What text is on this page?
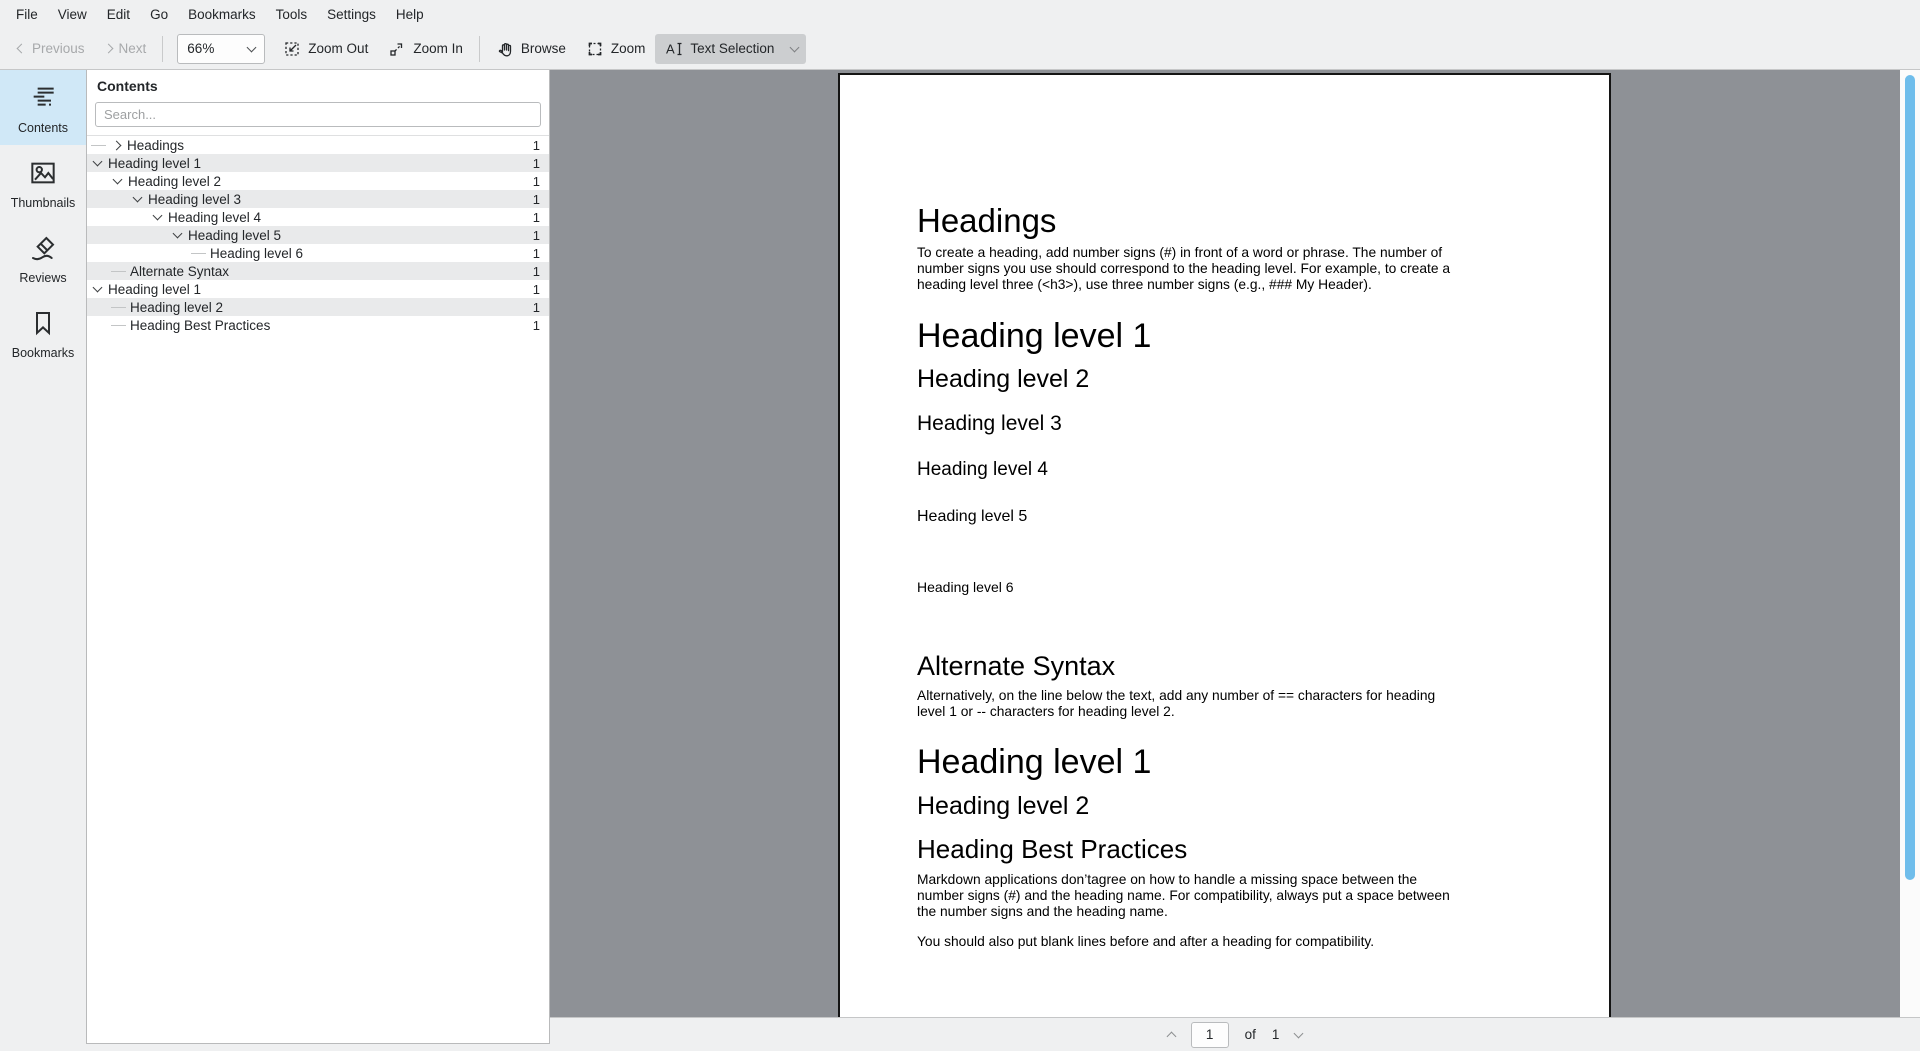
File	View	Edit	Go	Bookmarks	Tools	Settings	Help
Previous	Next	66%	Zoom Out	Zoom In	Browse	Zoom A Text Selection
Contents
Thumbnails
Reviews
Bookmarks
Contents
Search...
Headings	1
Heading level 1	1
Heading level 2	1
Heading level 3	1
Heading level 4	1
Heading level 5	1
Heading level 6	1
Alternate Syntax	1
Heading level 1	1
Heading level 2	1
Heading Best Practices	1
Headings
To create a heading, add number signs (#) in front of a word or phrase. The number of
number signs you use should correspond to the heading level. For example, to create a
heading level three (<h3>), use three number signs (e.g., ### My Header).
Heading level 1
Heading level 2
Heading level 3
Heading level 4
Heading level 5
Heading level 6
Alternate Syntax
Alternatively, on the line below the text, add any number of == characters for heading
level 1 or -- characters for heading level 2.
Heading level 1
Heading level 2
Heading Best Practices
Markdown applications don’tagree on how to handle a missing space between the
number signs (#) and the heading name. For compatibility, always put a space between
the number signs and the heading name.
You should also put blank lines before and after a heading for compatibility.
1
of 1
